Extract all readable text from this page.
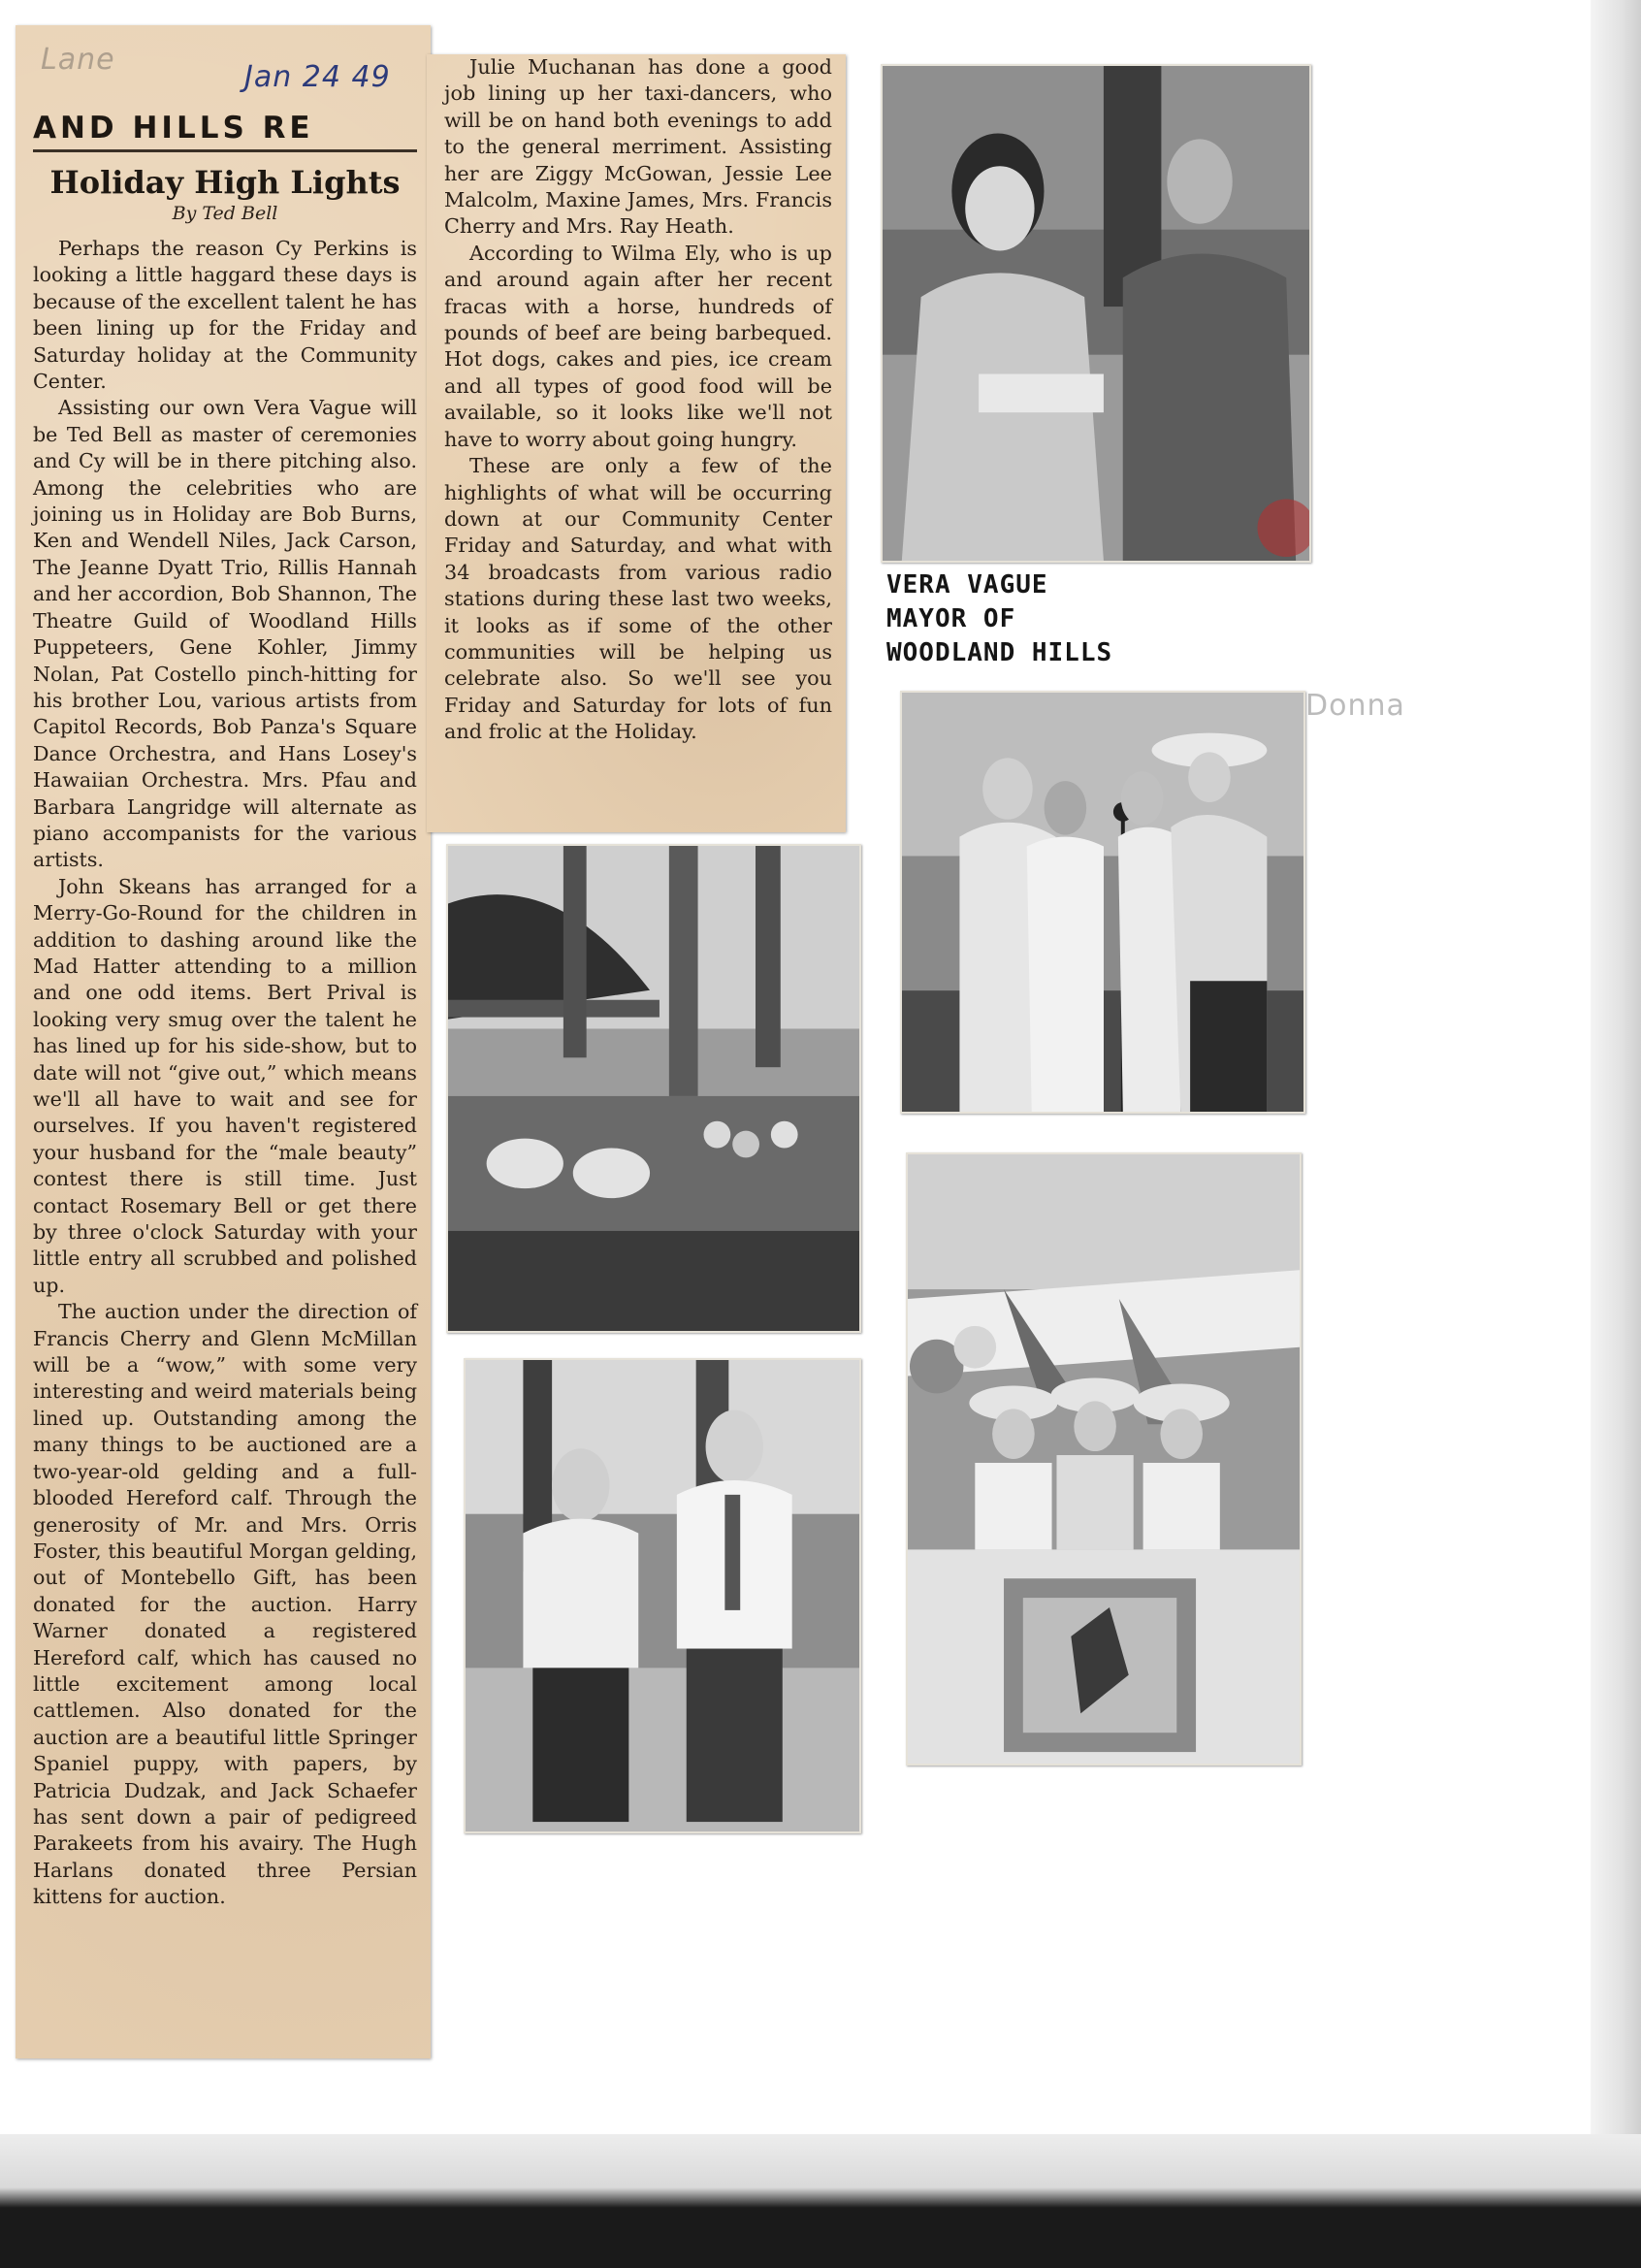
Lane
Jan 24 49
AND HILLS RE
Holiday High Lights
By Ted Bell

Perhaps the reason Cy Perkins is looking a little haggard these days is because of the excellent talent he has been lining up for the Friday and Saturday holiday at the Community Center.

Assisting our own Vera Vague will be Ted Bell as master of ceremonies and Cy will be in there pitching also. Among the celebrities who are joining us in Holiday are Bob Burns, Ken and Wendell Niles, Jack Carson, The Jeanne Dyatt Trio, Rillis Hannah and her accordion, Bob Shannon, The Theatre Guild of Woodland Hills Puppeteers, Gene Kohler, Jimmy Nolan, Pat Costello pinch-hitting for his brother Lou, various artists from Capitol Records, Bob Panza's Square Dance Orchestra, and Hans Losey's Hawaiian Orchestra. Mrs. Pfau and Barbara Langridge will alternate as piano accompanists for the various artists.

John Skeans has arranged for a Merry-Go-Round for the children in addition to dashing around like the Mad Hatter attending to a million and one odd items. Bert Prival is looking very smug over the talent he has lined up for his side-show, but to date will not “give out,” which means we'll all have to wait and see for ourselves. If you haven't registered your husband for the “male beauty” contest there is still time. Just contact Rosemary Bell or get there by three o'clock Saturday with your little entry all scrubbed and polished up.

The auction under the direction of Francis Cherry and Glenn McMillan will be a “wow,” with some very interesting and weird materials being lined up. Outstanding among the many things to be auctioned are a two-year-old gelding and a full-blooded Hereford calf. Through the generosity of Mr. and Mrs. Orris Foster, this beautiful Morgan gelding, out of Montebello Gift, has been donated for the auction. Harry Warner donated a registered Hereford calf, which has caused no little excitement among local cattlemen. Also donated for the auction are a beautiful little Springer Spaniel puppy, with papers, by Patricia Dudzak, and Jack Schaefer has sent down a pair of pedigreed Parakeets from his avairy. The Hugh Harlans donated three Persian kittens for auction.

Julie Muchanan has done a good job lining up her taxi-dancers, who will be on hand both evenings to add to the general merriment. Assisting her are Ziggy McGowan, Jessie Lee Malcolm, Maxine James, Mrs. Francis Cherry and Mrs. Ray Heath.

According to Wilma Ely, who is up and around again after her recent fracas with a horse, hundreds of pounds of beef are being barbequed. Hot dogs, cakes and pies, ice cream and all types of good food will be available, so it looks like we'll not have to worry about going hungry.

These are only a few of the highlights of what will be occurring down at our Community Center Friday and Saturday, and what with 34 broadcasts from various radio stations during these last two weeks, it looks as if some of the other communities will be helping us celebrate also. So we'll see you Friday and Saturday for lots of fun and frolic at the Holiday.

VERA VAGUE
MAYOR OF
WOODLAND HILLS
Donna
